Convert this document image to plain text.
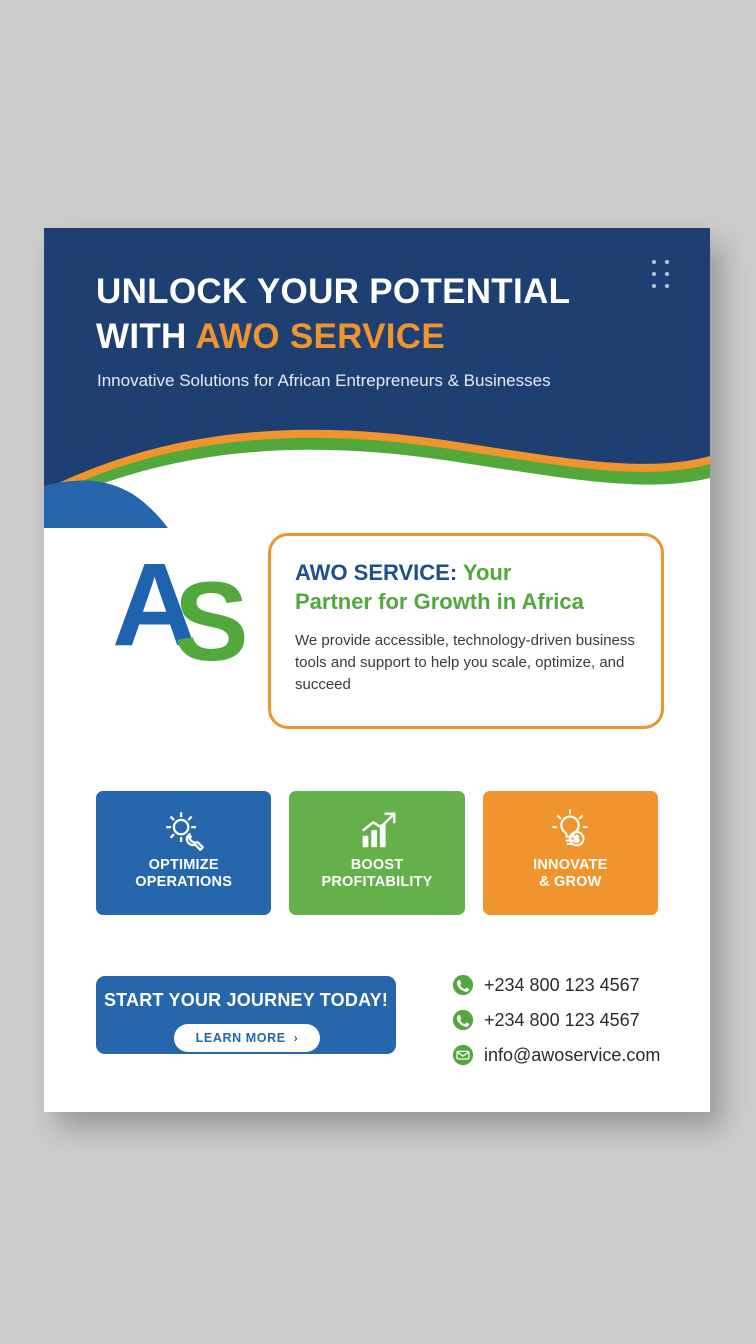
UNLOCK YOUR POTENTIAL
WITH AWO SERVICE
Innovative Solutions for African Entrepreneurs & Businesses
A
S AWO SERVICE: Your
Partner for Growth in Africa

We provide accessible, technology-driven business tools and support to help you scale, optimize, and succeed

OPTIMIZE
OPERATIONS
BOOST
PROFITABILITY
INNOVATE
& GROW
START YOUR JOURNEY TODAY!
LEARN MORE ›
+234 800 123 4567
+234 800 123 4567
info@awoservice.com
